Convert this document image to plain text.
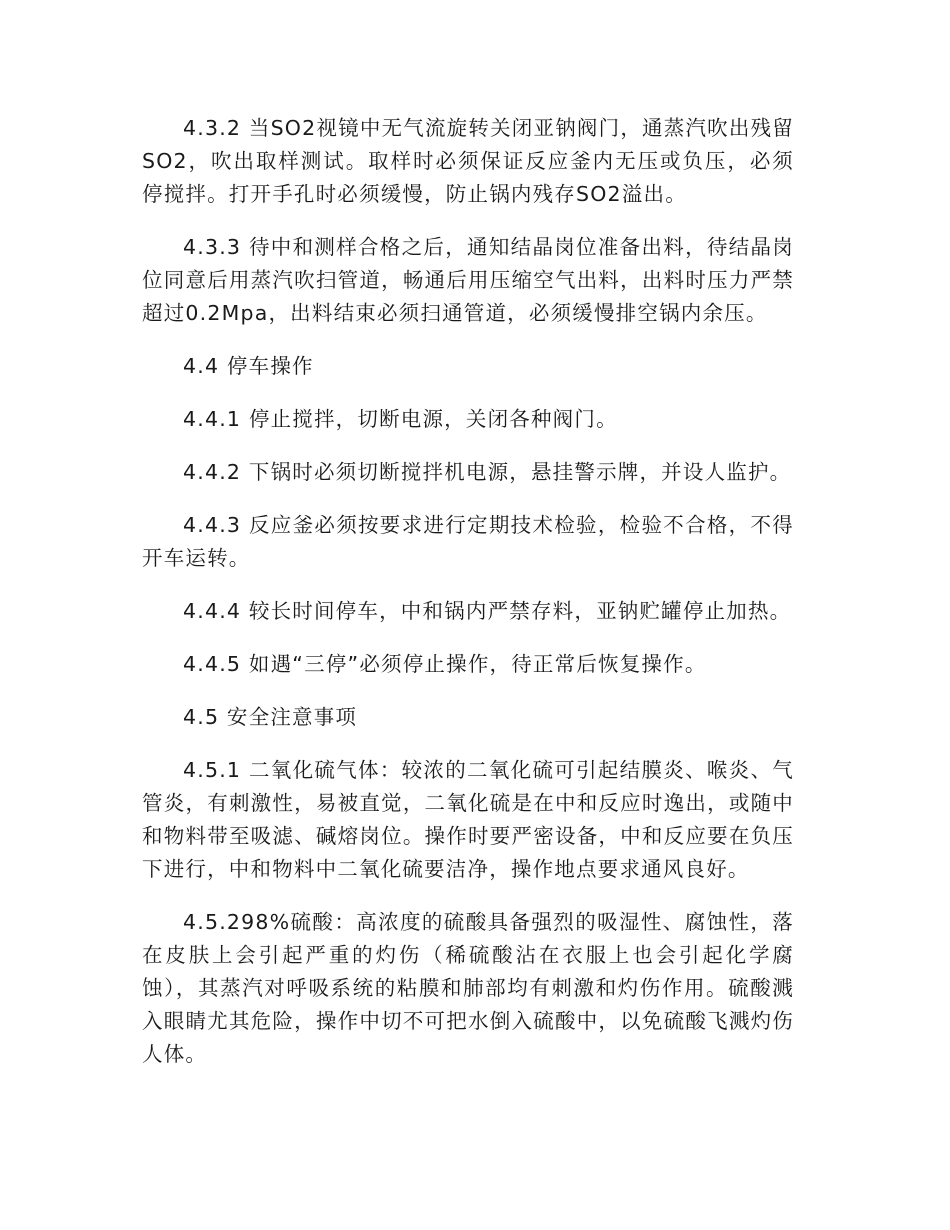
4.3.2 当SO2视镜中无气流旋转关闭亚钠阀门，通蒸汽吹出残留SO2，吹出取样测试。取样时必须保证反应釜内无压或负压，必须停搅拌。打开手孔时必须缓慢，防止锅内残存SO2溢出。

4.3.3 待中和测样合格之后，通知结晶岗位准备出料，待结晶岗位同意后用蒸汽吹扫管道，畅通后用压缩空气出料，出料时压力严禁超过0.2Mpa，出料结束必须扫通管道，必须缓慢排空锅内余压。

4.4 停车操作

4.4.1 停止搅拌，切断电源，关闭各种阀门。

4.4.2 下锅时必须切断搅拌机电源，悬挂警示牌，并设人监护。

4.4.3 反应釜必须按要求进行定期技术检验，检验不合格，不得开车运转。

4.4.4 较长时间停车，中和锅内严禁存料，亚钠贮罐停止加热。

4.4.5 如遇“三停”必须停止操作，待正常后恢复操作。

4.5 安全注意事项

4.5.1 二氧化硫气体：较浓的二氧化硫可引起结膜炎、喉炎、气管炎，有刺激性，易被直觉，二氧化硫是在中和反应时逸出，或随中和物料带至吸滤、碱熔岗位。操作时要严密设备，中和反应要在负压下进行，中和物料中二氧化硫要洁净，操作地点要求通风良好。

4.5.298%硫酸：高浓度的硫酸具备强烈的吸湿性、腐蚀性，落在皮肤上会引起严重的灼伤（稀硫酸沾在衣服上也会引起化学腐蚀），其蒸汽对呼吸系统的粘膜和肺部均有刺激和灼伤作用。硫酸溅入眼睛尤其危险，操作中切不可把水倒入硫酸中，以免硫酸飞溅灼伤人体。
